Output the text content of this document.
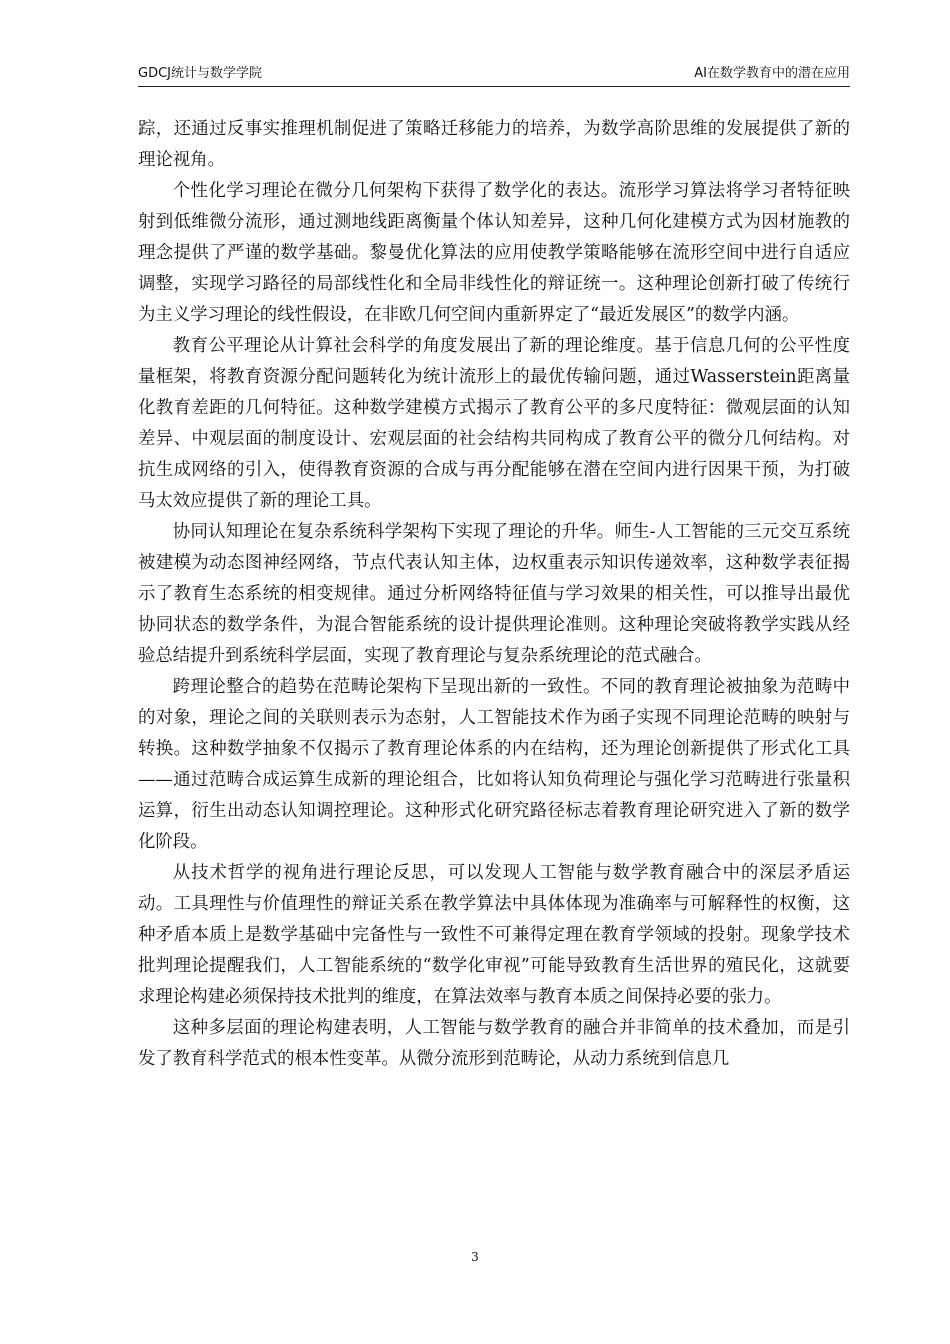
GDCJ统计与数学学院	AI在数学教育中的潜在应用

踪，还通过反事实推理机制促进了策略迁移能力的培养，为数学高阶思维的发展提供了新的理论视角。

个性化学习理论在微分几何架构下获得了数学化的表达。流形学习算法将学习者特征映射到低维微分流形，通过测地线距离衡量个体认知差异，这种几何化建模方式为因材施教的理念提供了严谨的数学基础。黎曼优化算法的应用使教学策略能够在流形空间中进行自适应调整，实现学习路径的局部线性化和全局非线性化的辩证统一。这种理论创新打破了传统行为主义学习理论的线性假设，在非欧几何空间内重新界定了“最近发展区”的数学内涵。

教育公平理论从计算社会科学的角度发展出了新的理论维度。基于信息几何的公平性度量框架，将教育资源分配问题转化为统计流形上的最优传输问题，通过Wasserstein距离量化教育差距的几何特征。这种数学建模方式揭示了教育公平的多尺度特征：微观层面的认知差异、中观层面的制度设计、宏观层面的社会结构共同构成了教育公平的微分几何结构。对抗生成网络的引入，使得教育资源的合成与再分配能够在潜在空间内进行因果干预，为打破马太效应提供了新的理论工具。

协同认知理论在复杂系统科学架构下实现了理论的升华。师生-人工智能的三元交互系统被建模为动态图神经网络，节点代表认知主体，边权重表示知识传递效率，这种数学表征揭示了教育生态系统的相变规律。通过分析网络特征值与学习效果的相关性，可以推导出最优协同状态的数学条件，为混合智能系统的设计提供理论准则。这种理论突破将教学实践从经验总结提升到系统科学层面，实现了教育理论与复杂系统理论的范式融合。

跨理论整合的趋势在范畴论架构下呈现出新的一致性。不同的教育理论被抽象为范畴中的对象，理论之间的关联则表示为态射，人工智能技术作为函子实现不同理论范畴的映射与转换。这种数学抽象不仅揭示了教育理论体系的内在结构，还为理论创新提供了形式化工具——通过范畴合成运算生成新的理论组合，比如将认知负荷理论与强化学习范畴进行张量积运算，衍生出动态认知调控理论。这种形式化研究路径标志着教育理论研究进入了新的数学化阶段。

从技术哲学的视角进行理论反思，可以发现人工智能与数学教育融合中的深层矛盾运动。工具理性与价值理性的辩证关系在教学算法中具体体现为准确率与可解释性的权衡，这种矛盾本质上是数学基础中完备性与一致性不可兼得定理在教育学领域的投射。现象学技术批判理论提醒我们，人工智能系统的“数学化审视”可能导致教育生活世界的殖民化，这就要求理论构建必须保持技术批判的维度，在算法效率与教育本质之间保持必要的张力。

这种多层面的理论构建表明，人工智能与数学教育的融合并非简单的技术叠加，而是引发了教育科学范式的根本性变革。从微分流形到范畴论，从动力系统到信息几

3
